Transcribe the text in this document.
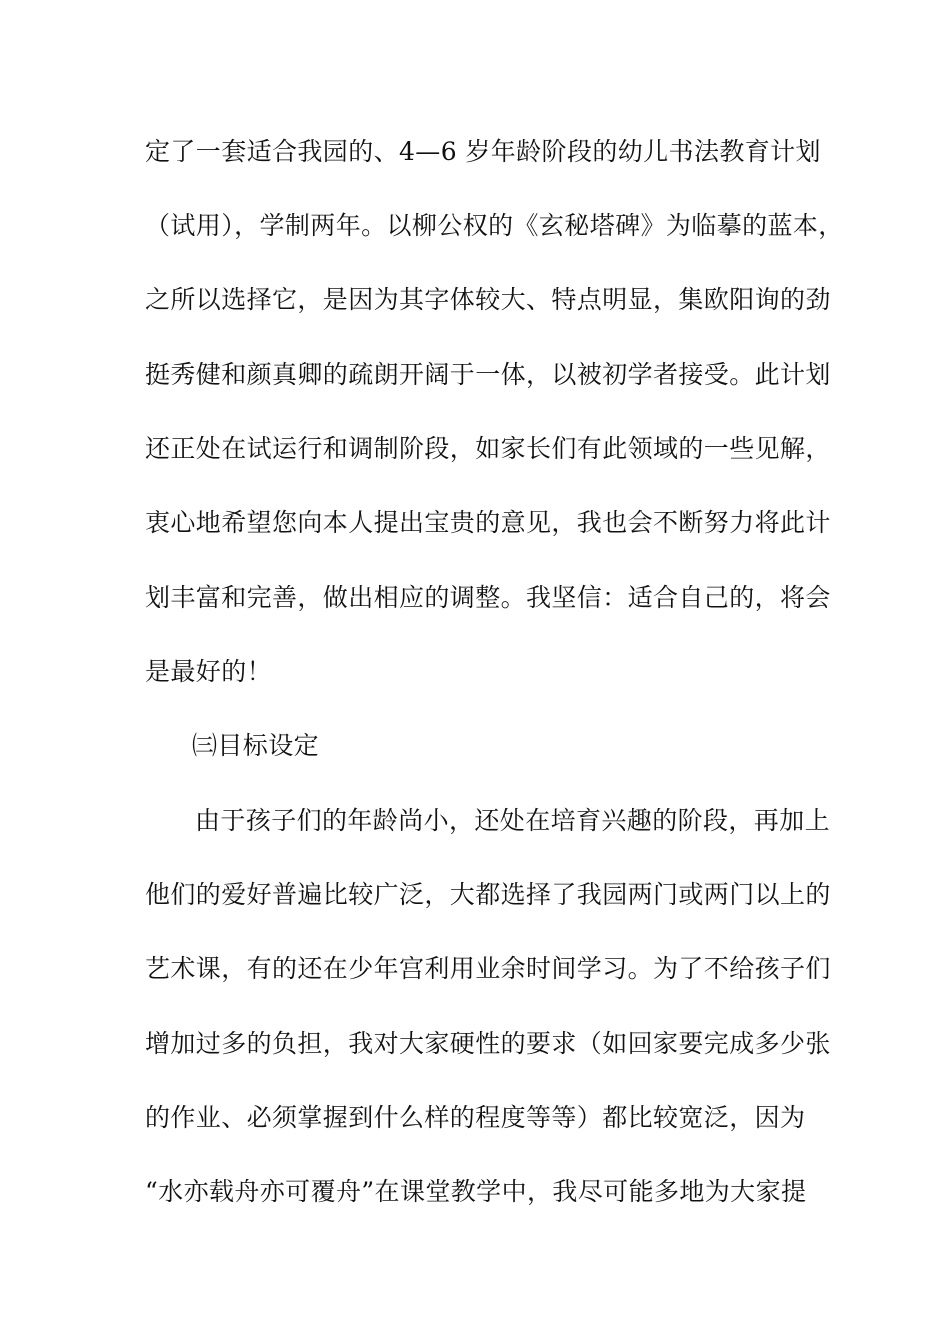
定了一套适合我园的、4—6 岁年龄阶段的幼儿书法教育计划
（试用），学制两年。以柳公权的《玄秘塔碑》为临摹的蓝本，
之所以选择它，是因为其字体较大、特点明显，集欧阳询的劲
挺秀健和颜真卿的疏朗开阔于一体，以被初学者接受。此计划
还正处在试运行和调制阶段，如家长们有此领域的一些见解，
衷心地希望您向本人提出宝贵的意见，我也会不断努力将此计
划丰富和完善，做出相应的调整。我坚信：适合自己的，将会
是最好的！
㈢目标设定
由于孩子们的年龄尚小，还处在培育兴趣的阶段，再加上
他们的爱好普遍比较广泛，大都选择了我园两门或两门以上的
艺术课，有的还在少年宫利用业余时间学习。为了不给孩子们
增加过多的负担，我对大家硬性的要求（如回家要完成多少张
的作业、必须掌握到什么样的程度等等）都比较宽泛，因为
“水亦载舟亦可覆舟”在课堂教学中，我尽可能多地为大家提
